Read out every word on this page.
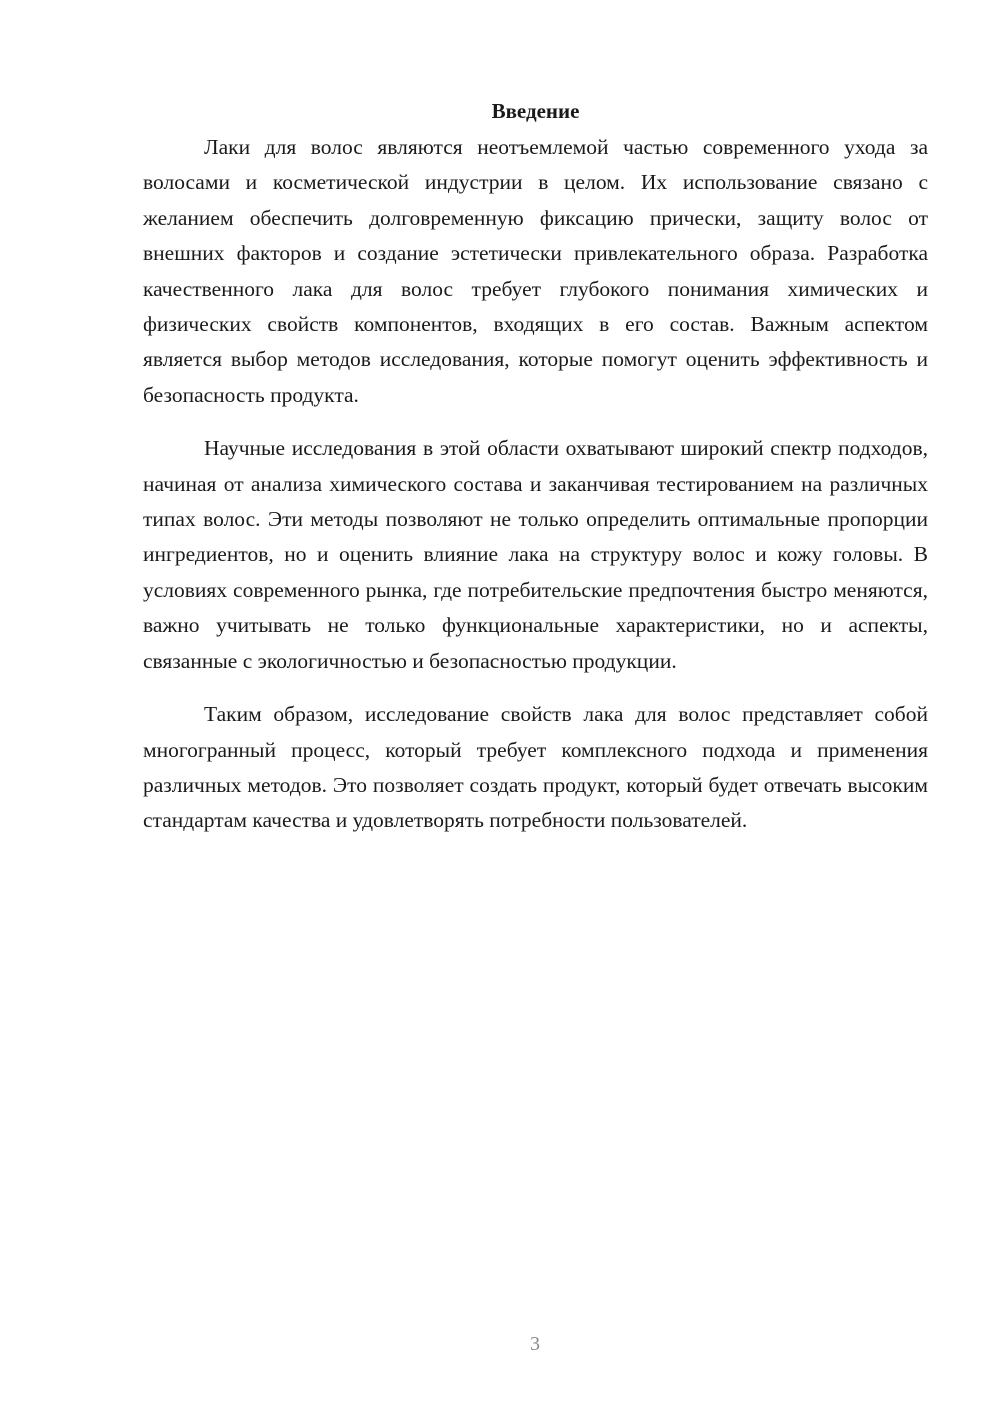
Введение

Лаки для волос являются неотъемлемой частью современного ухода за волосами и косметической индустрии в целом. Их использование связано с желанием обеспечить долговременную фиксацию прически, защиту волос от внешних факторов и создание эстетически привлекательного образа. Разработка качественного лака для волос требует глубокого понимания химических и физических свойств компонентов, входящих в его состав. Важным аспектом является выбор методов исследования, которые помогут оценить эффективность и безопасность продукта.

Научные исследования в этой области охватывают широкий спектр подходов, начиная от анализа химического состава и заканчивая тестированием на различных типах волос. Эти методы позволяют не только определить оптимальные пропорции ингредиентов, но и оценить влияние лака на структуру волос и кожу головы. В условиях современного рынка, где потребительские предпочтения быстро меняются, важно учитывать не только функциональные характеристики, но и аспекты, связанные с экологичностью и безопасностью продукции.

Таким образом, исследование свойств лака для волос представляет собой многогранный процесс, который требует комплексного подхода и применения различных методов. Это позволяет создать продукт, который будет отвечать высоким стандартам качества и удовлетворять потребности пользователей.

3
